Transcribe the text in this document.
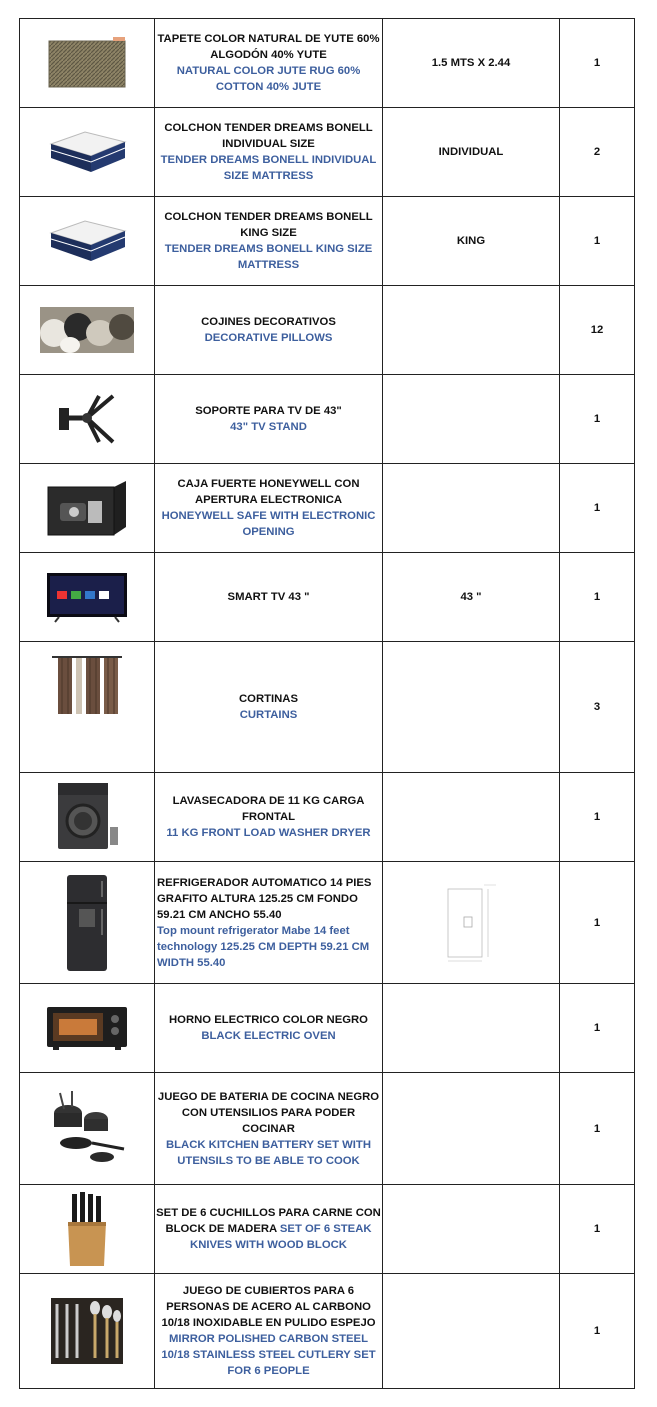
TAPETE COLOR NATURAL DE YUTE 60% ALGODÓN 40% YUTE
NATURAL COLOR JUTE RUG 60% COTTON 40% JUTE	1.5 MTS X 2.44	1

COLCHON TENDER DREAMS BONELL INDIVIDUAL SIZE
TENDER DREAMS BONELL INDIVIDUAL SIZE MATTRESS	INDIVIDUAL	2

COLCHON TENDER DREAMS BONELL KING SIZE
TENDER DREAMS BONELL KING SIZE MATTRESS	KING	1

COJINES DECORATIVOS
DECORATIVE PILLOWS		12

SOPORTE PARA TV DE 43"
43" TV STAND		1

CAJA FUERTE HONEYWELL CON APERTURA ELECTRONICA
HONEYWELL SAFE WITH ELECTRONIC OPENING		1

SMART TV 43 "	43 "	1

CORTINAS
CURTAINS		3

LAVASECADORA DE 11 KG CARGA FRONTAL
11 KG FRONT LOAD WASHER DRYER		1

REFRIGERADOR AUTOMATICO 14 PIES GRAFITO ALTURA 125.25 CM FONDO 59.21 CM ANCHO 55.40
Top mount refrigerator Mabe 14 feet technology 125.25 CM DEPTH 59.21 CM WIDTH 55.40		1

HORNO ELECTRICO COLOR NEGRO
BLACK ELECTRIC OVEN		1

JUEGO DE BATERIA DE COCINA NEGRO CON UTENSILIOS PARA PODER COCINAR
BLACK KITCHEN BATTERY SET WITH UTENSILS TO BE ABLE TO COOK		1

	SET DE 6 CUCHILLOS PARA CARNE CON BLOCK DE MADERA SET OF 6 STEAK KNIVES WITH WOOD BLOCK		1

JUEGO DE CUBIERTOS PARA 6 PERSONAS DE ACERO AL CARBONO 10/18 INOXIDABLE EN PULIDO ESPEJO
MIRROR POLISHED CARBON STEEL 10/18 STAINLESS STEEL CUTLERY SET FOR 6 PEOPLE		1
